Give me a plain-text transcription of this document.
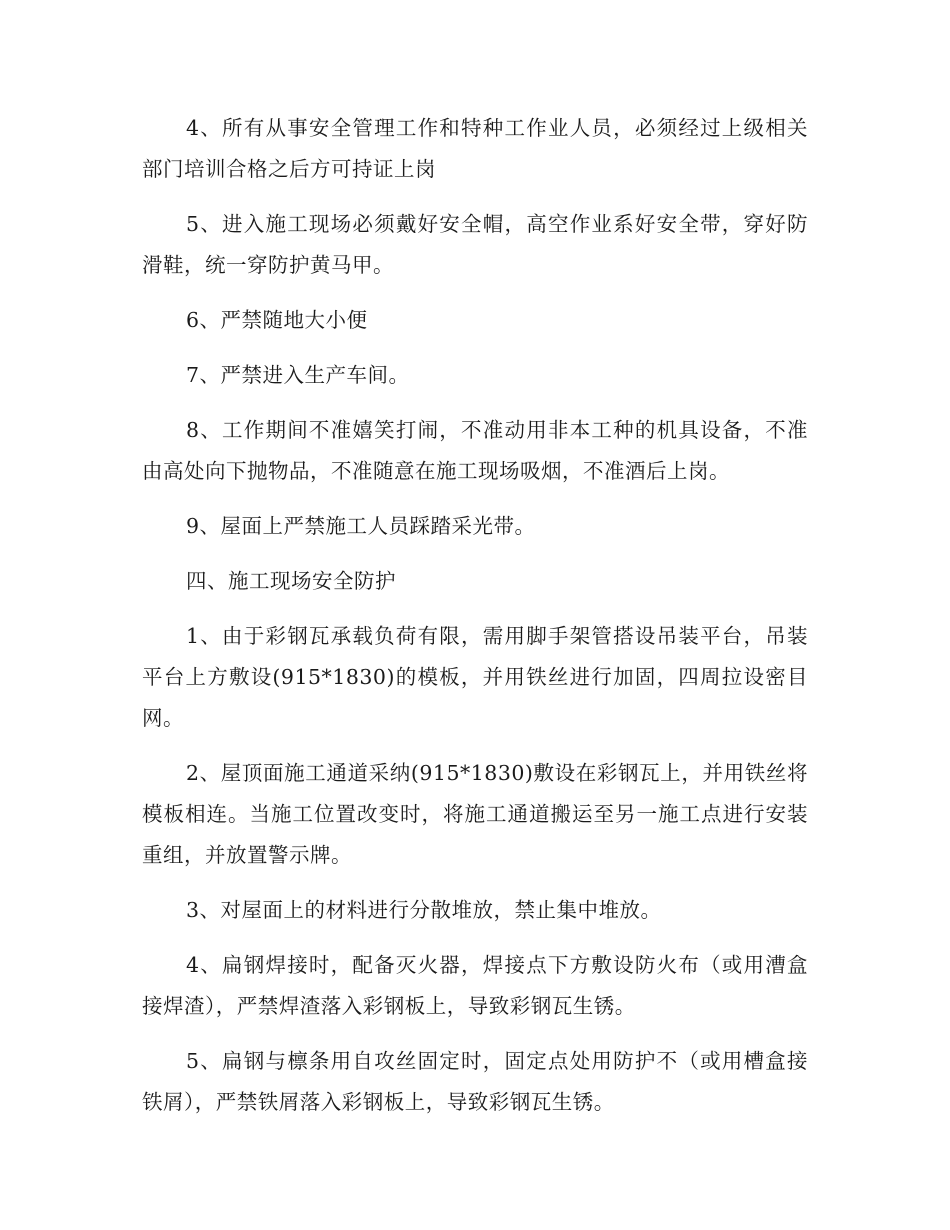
4、所有从事安全管理工作和特种工作业人员，必须经过上级相关部门培训合格之后方可持证上岗

5、进入施工现场必须戴好安全帽，高空作业系好安全带，穿好防滑鞋，统一穿防护黄马甲。

6、严禁随地大小便

7、严禁进入生产车间。

8、工作期间不准嬉笑打闹，不准动用非本工种的机具设备，不准由高处向下抛物品，不准随意在施工现场吸烟，不准酒后上岗。

9、屋面上严禁施工人员踩踏采光带。

四、施工现场安全防护

1、由于彩钢瓦承载负荷有限，需用脚手架管搭设吊装平台，吊装平台上方敷设(915*1830)的模板，并用铁丝进行加固，四周拉设密目网。

2、屋顶面施工通道采纳(915*1830)敷设在彩钢瓦上，并用铁丝将模板相连。当施工位置改变时，将施工通道搬运至另一施工点进行安装重组，并放置警示牌。

3、对屋面上的材料进行分散堆放，禁止集中堆放。

4、扁钢焊接时，配备灭火器，焊接点下方敷设防火布（或用漕盒接焊渣），严禁焊渣落入彩钢板上，导致彩钢瓦生锈。

5、扁钢与檩条用自攻丝固定时，固定点处用防护不（或用槽盒接铁屑），严禁铁屑落入彩钢板上，导致彩钢瓦生锈。
